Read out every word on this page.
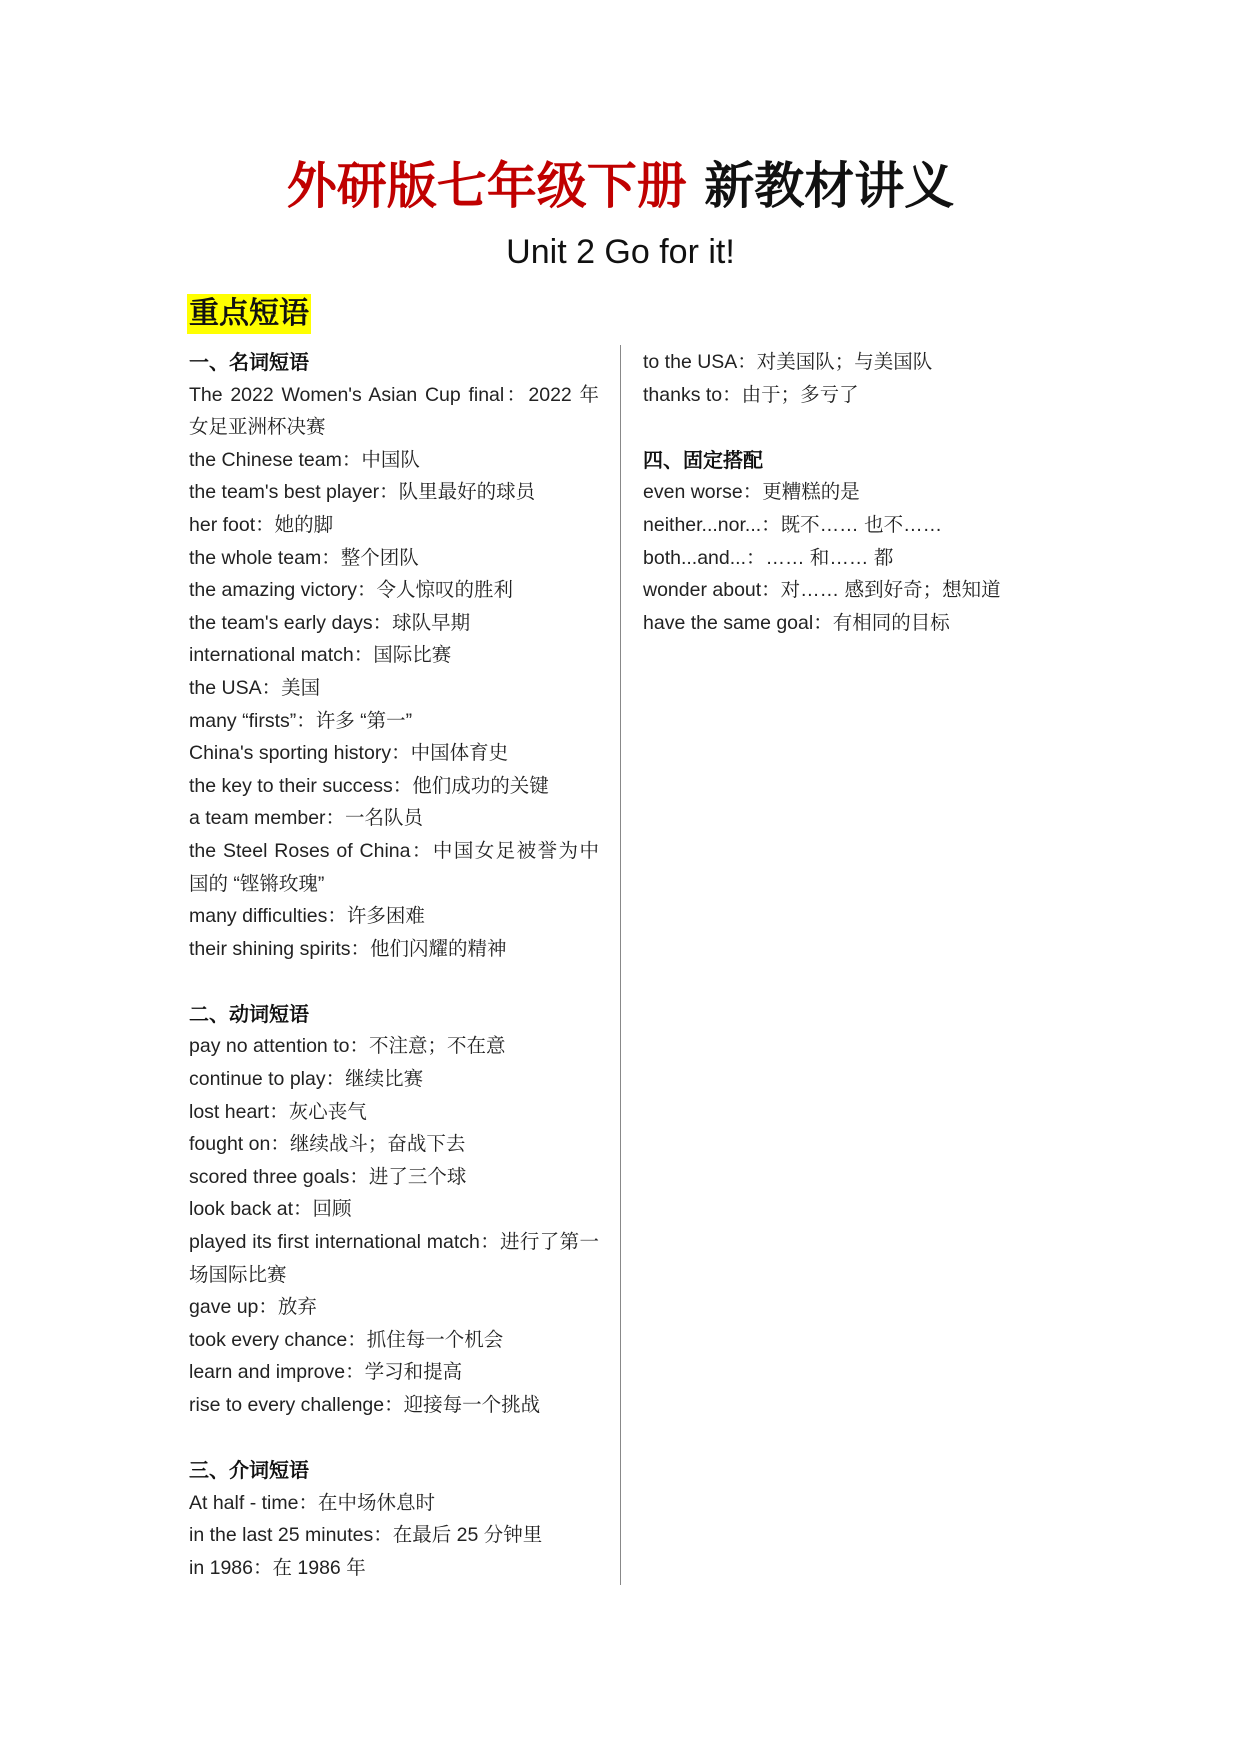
外研版七年级下册 新教材讲义
Unit 2 Go for it!
重点短语
一、名词短语
The 2022 Women's Asian Cup final：2022 年女足亚洲杯决赛
the Chinese team：中国队
the team's best player：队里最好的球员
her foot：她的脚
the whole team：整个团队
the amazing victory：令人惊叹的胜利
the team's early days：球队早期
international match：国际比赛
the USA：美国
many “firsts”：许多 “第一”
China's sporting history：中国体育史
the key to their success：他们成功的关键
a team member：一名队员
the Steel Roses of China：中国女足被誉为中国的 “铿锵玫瑰”
many difficulties：许多困难
their shining spirits：他们闪耀的精神
二、动词短语
pay no attention to：不注意；不在意
continue to play：继续比赛
lost heart：灰心丧气
fought on：继续战斗；奋战下去
scored three goals：进了三个球
look back at：回顾
played its first international match：进行了第一场国际比赛
gave up：放弃
took every chance：抓住每一个机会
learn and improve：学习和提高
rise to every challenge：迎接每一个挑战
三、介词短语
At half - time：在中场休息时
in the last 25 minutes：在最后 25 分钟里
in 1986：在 1986 年
to the USA：对美国队；与美国队
thanks to：由于；多亏了
四、固定搭配
even worse：更糟糕的是
neither...nor...：既不…… 也不……
both...and...：…… 和…… 都
wonder about：对…… 感到好奇；想知道
have the same goal：有相同的目标
